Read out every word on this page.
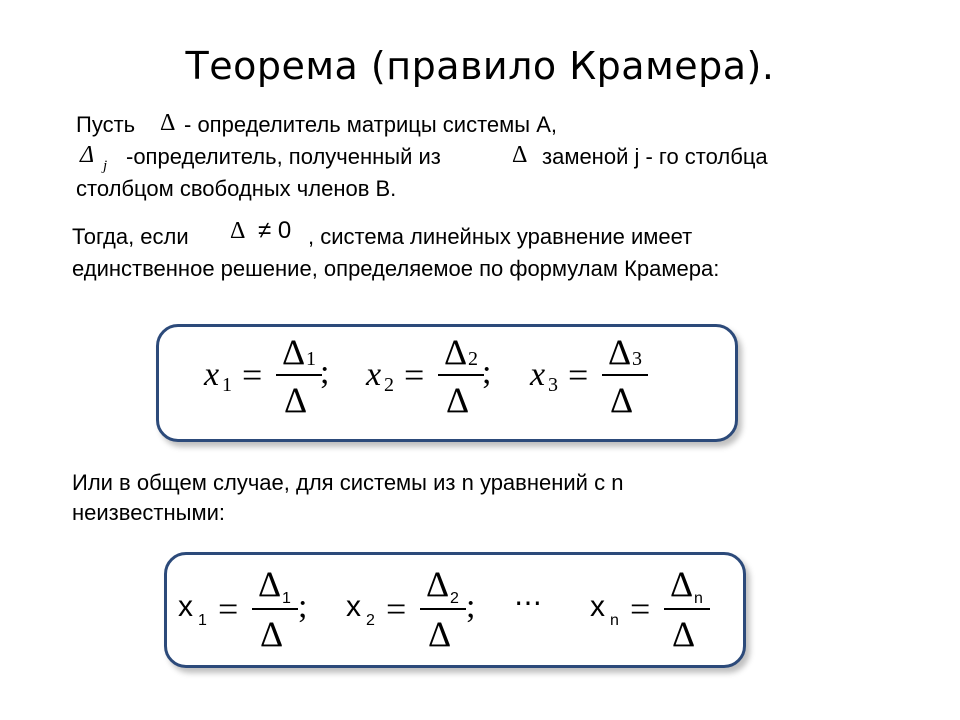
Теорема (правило Крамера).
Пусть Δ - определитель матрицы системы А,
Δ j -определитель, полученный из	Δ заменой j - го столбца
столбцом свободных членов В.
Тогда, если Δ ≠ 0 , система линейных уравнение имеет
единственное решение, определяемое по формулам Крамера:
Или в общем случае, для системы из n уравнений с n
неизвестными:
⋯
x 1 =
Δ 1
Δ
; x 2 =
Δ 2
Δ
; x 3 =
Δ 3
Δ
x 1 =
Δ 1
Δ
; x 2 =
Δ 2
Δ
;	x n =
Δ n
Δ
